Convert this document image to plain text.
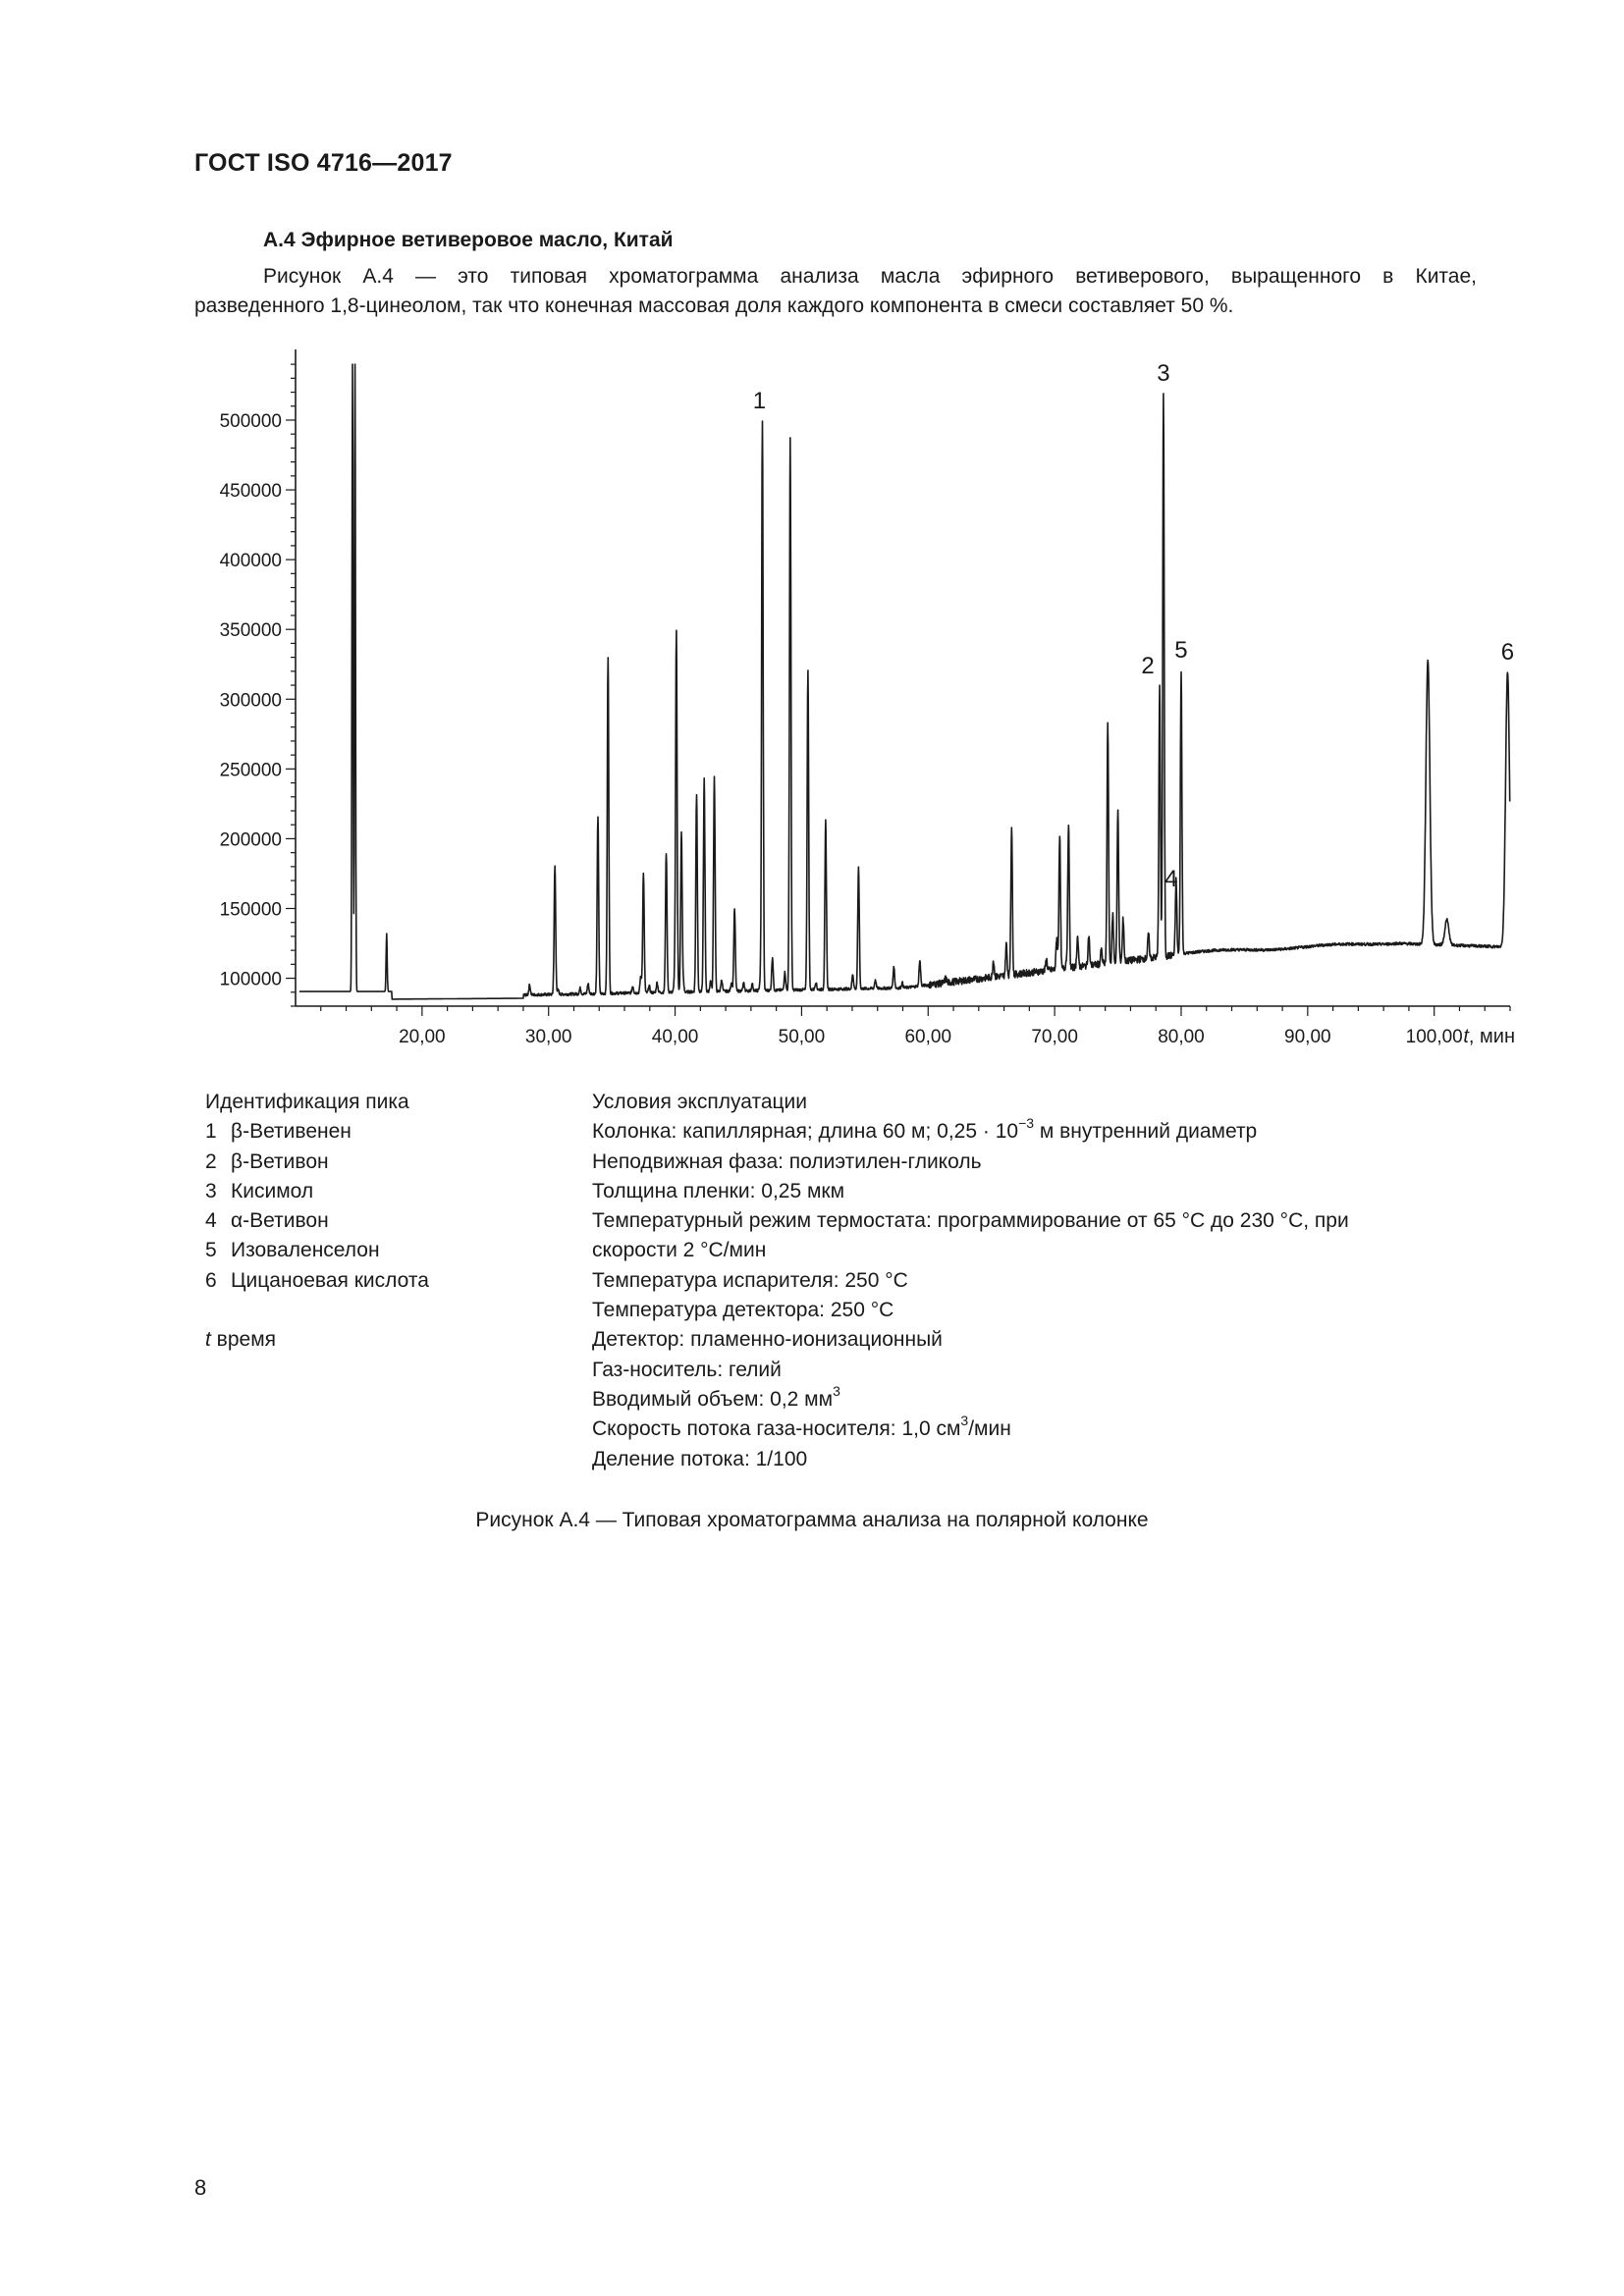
ГОСТ ISO 4716—2017
А.4 Эфирное ветиверовое масло, Китай
Рисунок А.4 — это типовая хроматограмма анализа масла эфирного ветиверового, выращенного в Китае,
разведенного 1,8-цинеолом, так что конечная массовая доля каждого компонента в смеси составляет 50 %.
100000
150000
200000
250000
300000
350000
400000
450000
500000
20,00	30,00	40,00	50,00	60,00	70,00	80,00	90,00	100,00
1
2
3
4
5	6
t, мин
Идентификация пика
1 β-Ветивенен
2 β-Ветивон
3 Кисимол
4 α-Ветивон
5 Изоваленселон
6 Цицаноевая кислота
t время
Условия эксплуатации
Колонка: капиллярная; длина 60 м; $0,25 \cdot 10^{-3}$ м внутренний диаметр
Неподвижная фаза: полиэтилен-гликоль
Толщина пленки: 0,25 мкм
Температурный режим термостата: программирование от 65 °С до 230 °С, при
скорости 2 °С/мин
Температура испарителя: 250 °С
Температура детектора: 250 °С
Детектор: пламенно-ионизационный
Газ-носитель: гелий
Вводимый объем: 0,2 $мм^3$
Скорость потока газа-носителя: 1,0 $см^3$/мин
Деление потока: 1/100
Рисунок А.4 — Типовая хроматограмма анализа на полярной колонке
8
